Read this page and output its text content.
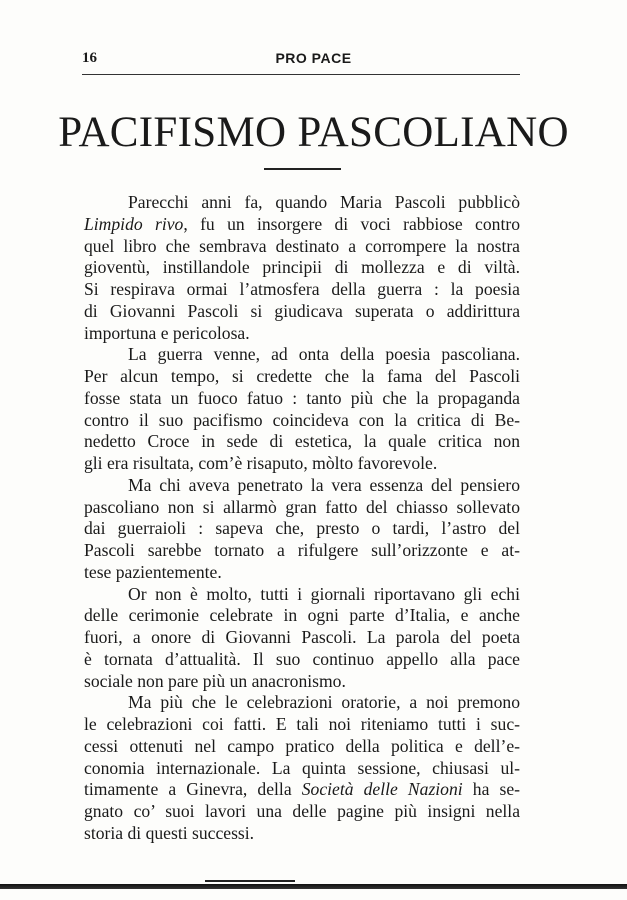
16	PRO PACE
PACIFISMO PASCOLIANO
Parecchi anni fa, quando Maria Pascoli pubblicò
Limpido rivo, fu un insorgere di voci rabbiose contro
quel libro che sembrava destinato a corrompere la nostra
gioventù, instillandole principii di mollezza e di viltà.
Si respirava ormai l’atmosfera della guerra : la poesia
di Giovanni Pascoli si giudicava superata o addirittura
importuna e pericolosa.
La guerra venne, ad onta della poesia pascoliana.
Per alcun tempo, si credette che la fama del Pascoli
fosse stata un fuoco fatuo : tanto più che la propaganda
contro il suo pacifismo coincideva con la critica di Be-
nedetto Croce in sede di estetica, la quale critica non
gli era risultata, com’è risaputo, mòlto favorevole.
Ma chi aveva penetrato la vera essenza del pensiero
pascoliano non si allarmò gran fatto del chiasso sollevato
dai guerraioli : sapeva che, presto o tardi, l’astro del
Pascoli sarebbe tornato a rifulgere sull’orizzonte e at-
tese pazientemente.
Or non è molto, tutti i giornali riportavano gli echi
delle cerimonie celebrate in ogni parte d’Italia, e anche
fuori, a onore di Giovanni Pascoli. La parola del poeta
è tornata d’attualità. Il suo continuo appello alla pace
sociale non pare più un anacronismo.
Ma più che le celebrazioni oratorie, a noi premono
le celebrazioni coi fatti. E tali noi riteniamo tutti i suc-
cessi ottenuti nel campo pratico della politica e dell’e-
conomia internazionale. La quinta sessione, chiusasi ul-
timamente a Ginevra, della Società delle Nazioni ha se-
gnato co’ suoi lavori una delle pagine più insigni nella
storia di questi successi.
